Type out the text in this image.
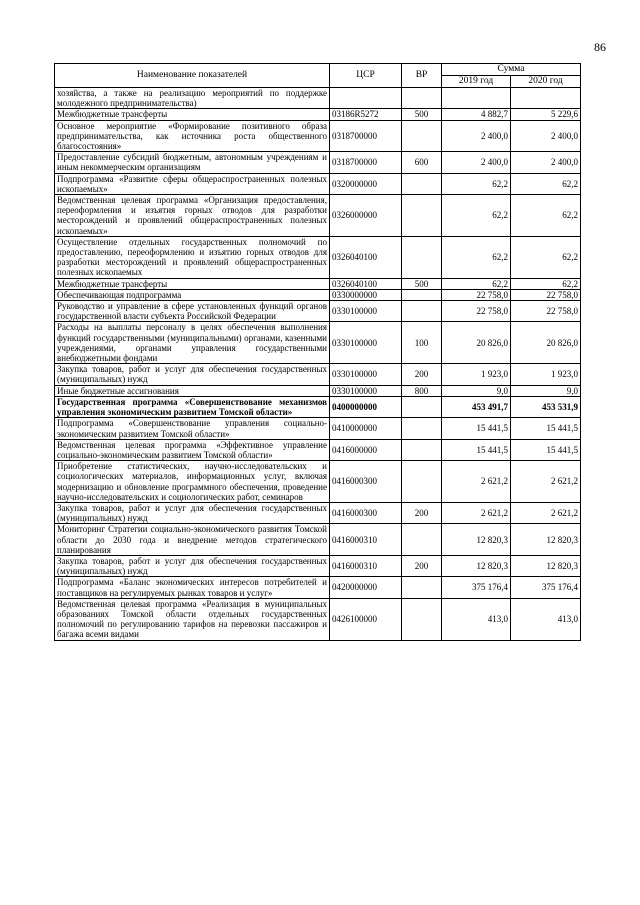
86
Наименование показателей	ЦСР	ВР	Сумма	
			2019 год	2020 год
хозяйства, а также на реализацию мероприятий по поддержке молодежного предпринимательства)				
Межбюджетные трансферты	03186R5272	500	4 882,7	5 229,6
Основное мероприятие «Формирование позитивного образа предпринимательства, как источника роста общественного благосостояния»	0318700000		2 400,0	2 400,0
Предоставление субсидий бюджетным, автономным учреждениям и иным некоммерческим организациям	0318700000	600	2 400,0	2 400,0
Подпрограмма «Развитие сферы общераспространенных полезных ископаемых»	0320000000		62,2	62,2
Ведомственная целевая программа «Организация предоставления, переоформления и изъятия горных отводов для разработки месторождений и проявлений общераспространенных полезных ископаемых»	0326000000		62,2	62,2
Осуществление отдельных государственных полномочий по предоставлению, переоформлению и изъятию горных отводов для разработки месторождений и проявлений общераспространенных полезных ископаемых	0326040100		62,2	62,2
Межбюджетные трансферты	0326040100	500	62,2	62,2
Обеспечивающая подпрограмма	0330000000		22 758,0	22 758,0
Руководство и управление в сфере установленных функций органов государственной власти субъекта Российской Федерации	0330100000		22 758,0	22 758,0
Расходы на выплаты персоналу в целях обеспечения выполнения функций государственными (муниципальными) органами, казенными учреждениями, органами управления государственными внебюджетными фондами	0330100000	100	20 826,0	20 826,0
Закупка товаров, работ и услуг для обеспечения государственных (муниципальных) нужд	0330100000	200	1 923,0	1 923,0
Иные бюджетные ассигнования	0330100000	800	9,0	9,0
Государственная программа «Совершенствование механизмов управления экономическим развитием Томской области»	0400000000		453 491,7	453 531,9
Подпрограмма «Совершенствование управления социально-экономическим развитием Томской области»	0410000000		15 441,5	15 441,5
Ведомственная целевая программа «Эффективное управление социально-экономическим развитием Томской области»	0416000000		15 441,5	15 441,5
Приобретение статистических, научно-исследовательских и социологических материалов, информационных услуг, включая модернизацию и обновление программного обеспечения, проведение научно-исследовательских и социологических работ, семинаров	0416000300		2 621,2	2 621,2
Закупка товаров, работ и услуг для обеспечения государственных (муниципальных) нужд	0416000300	200	2 621,2	2 621,2
Мониторинг Стратегии социально-экономического развития Томской области до 2030 года и внедрение методов стратегического планирования	0416000310		12 820,3	12 820,3
Закупка товаров, работ и услуг для обеспечения государственных (муниципальных) нужд	0416000310	200	12 820,3	12 820,3
Подпрограмма «Баланс экономических интересов потребителей и поставщиков на регулируемых рынках товаров и услуг»	0420000000		375 176,4	375 176,4
Ведомственная целевая программа «Реализация в муниципальных образованиях Томской области отдельных государственных полномочий по регулированию тарифов на перевозки пассажиров и багажа всеми видами	0426100000		413,0	413,0
